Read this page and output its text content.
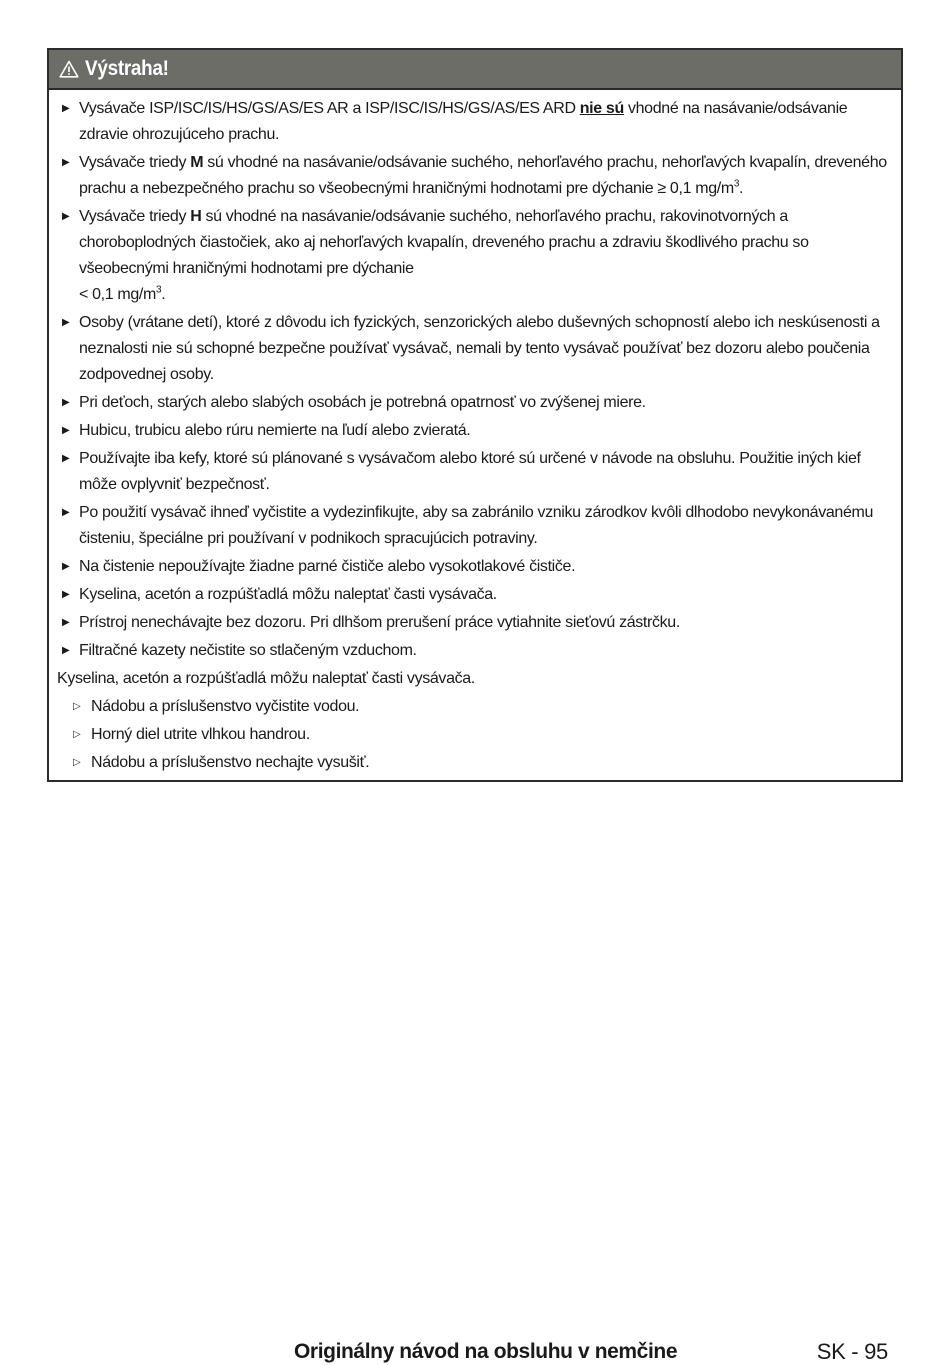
Výstraha!
▶ Vysávače ISP/ISC/IS/HS/GS/AS/ES AR a ISP/ISC/IS/HS/GS/AS/ES ARD nie sú vhodné na nasávanie/odsávanie zdravie ohrozujúceho prachu.
▶ Vysávače triedy M sú vhodné na nasávanie/odsávanie suchého, nehorľavého prachu, nehorľavých kvapalín, dreveného prachu a nebezpečného prachu so všeobecnými hraničnými hodnotami pre dýchanie ≥ 0,1 $mg/m^3$.
▶ Vysávače triedy H sú vhodné na nasávanie/odsávanie suchého, nehorľavého prachu, rakovinotvorných a choroboplodných čiastočiek, ako aj nehorľavých kvapalín, dreveného prachu a zdraviu škodlivého prachu so všeobecnými hraničnými hodnotami pre dýchanie
< 0,1 $mg/m^3$.
▶ Osoby (vrátane detí), ktoré z dôvodu ich fyzických, senzorických alebo duševných schopností alebo ich neskúsenosti a neznalosti nie sú schopné bezpečne používať vysávač, nemali by tento vysávač používať bez dozoru alebo poučenia zodpovednej osoby.
▶ Pri deťoch, starých alebo slabých osobách je potrebná opatrnosť vo zvýšenej miere.
▶ Hubicu, trubicu alebo rúru nemierte na ľudí alebo zvieratá.
▶ Používajte iba kefy, ktoré sú plánované s vysávačom alebo ktoré sú určené v návode na obsluhu. Použitie iných kief môže ovplyvniť bezpečnosť.
▶ Po použití vysávač ihneď vyčistite a vydezinfikujte, aby sa zabránilo vzniku zárodkov kvôli dlhodobo nevykonávanému čisteniu, špeciálne pri používaní v podnikoch spracujúcich potraviny.
▶ Na čistenie nepoužívajte žiadne parné čističe alebo vysokotlakové čističe.
▶ Kyselina, acetón a rozpúšťadlá môžu naleptať časti vysávača.
▶ Prístroj nenechávajte bez dozoru. Pri dlhšom prerušení práce vytiahnite sieťovú zástrčku.
▶ Filtračné kazety nečistite so stlačeným vzduchom.

Kyselina, acetón a rozpúšťadlá môžu naleptať časti vysávača.

▷ Nádobu a príslušenstvo vyčistite vodou.
▷ Horný diel utrite vlhkou handrou.
▷ Nádobu a príslušenstvo nechajte vysušiť.
Originálny návod na obsluhu v nemčine	SK - 95
